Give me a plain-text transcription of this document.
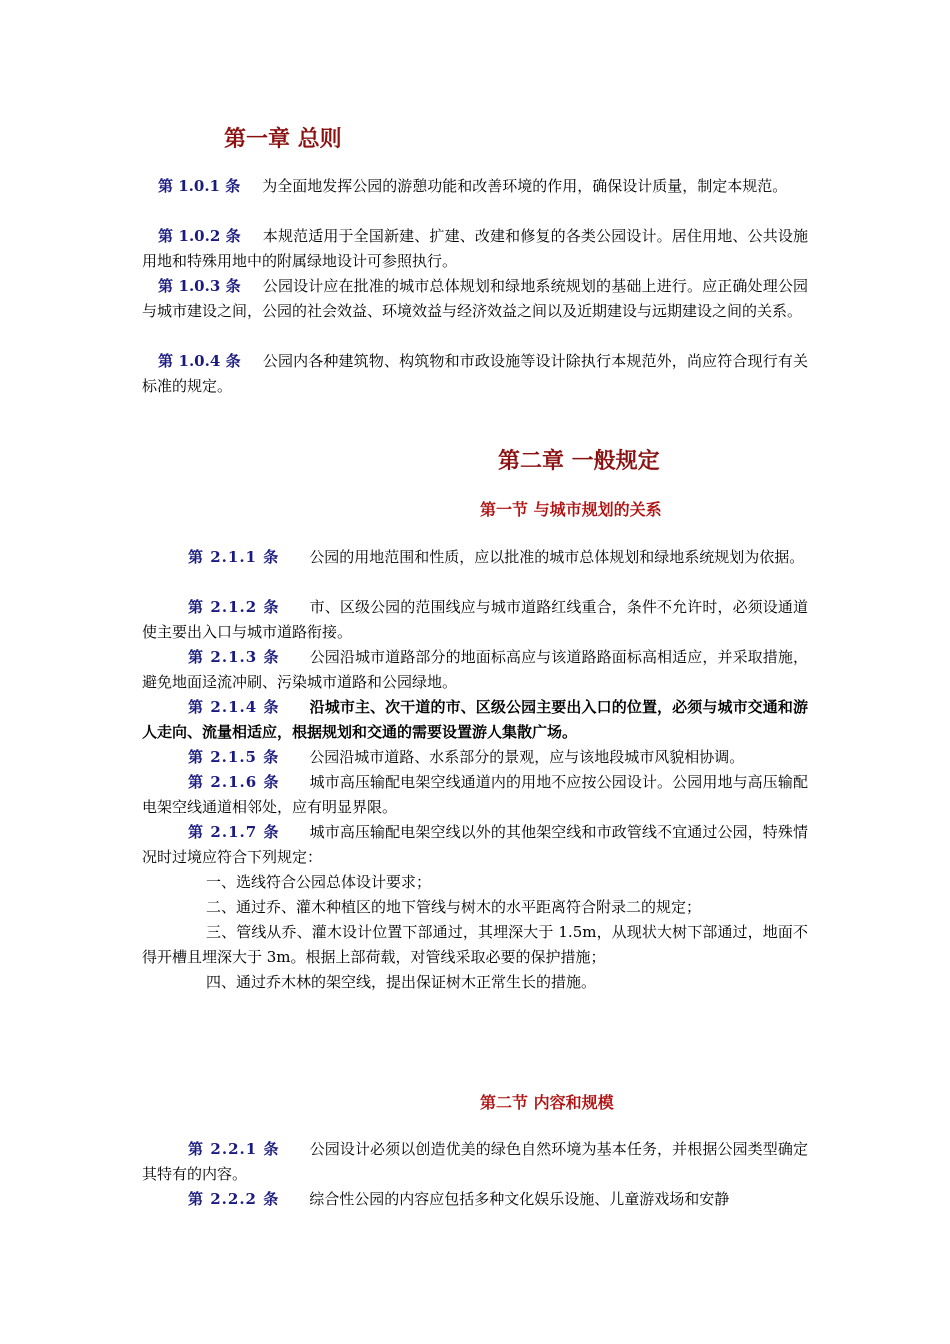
第一章 总则

第 1.0.1 条 为全面地发挥公园的游憩功能和改善环境的作用，确保设计质量，制定本规范。

第 1.0.2 条 本规范适用于全国新建、扩建、改建和修复的各类公园设计。居住用地、公共设施用地和特殊用地中的附属绿地设计可参照执行。

第 1.0.3 条 公园设计应在批准的城市总体规划和绿地系统规划的基础上进行。应正确处理公园与城市建设之间，公园的社会效益、环境效益与经济效益之间以及近期建设与远期建设之间的关系。

第 1.0.4 条 公园内各种建筑物、构筑物和市政设施等设计除执行本规范外，尚应符合现行有关标准的规定。

第二章 一般规定
第一节 与城市规划的关系

第 2.1.1 条 公园的用地范围和性质，应以批准的城市总体规划和绿地系统规划为依据。

第 2.1.2 条 市、区级公园的范围线应与城市道路红线重合，条件不允许时，必须设通道使主要出入口与城市道路衔接。

第 2.1.3 条 公园沿城市道路部分的地面标高应与该道路路面标高相适应，并采取措施，避免地面迳流冲刷、污染城市道路和公园绿地。

第 2.1.4 条 沿城市主、次干道的市、区级公园主要出入口的位置，必须与城市交通和游人走向、流量相适应，根据规划和交通的需要设置游人集散广场。

第 2.1.5 条 公园沿城市道路、水系部分的景观，应与该地段城市风貌相协调。

第 2.1.6 条 城市高压输配电架空线通道内的用地不应按公园设计。公园用地与高压输配电架空线通道相邻处，应有明显界限。

第 2.1.7 条 城市高压输配电架空线以外的其他架空线和市政管线不宜通过公园，特殊情况时过境应符合下列规定：

一、选线符合公园总体设计要求；

二、通过乔、灌木种植区的地下管线与树木的水平距离符合附录二的规定；

三、管线从乔、灌木设计位置下部通过，其埋深大于 1.5m，从现状大树下部通过，地面不得开槽且埋深大于 3m。根据上部荷载，对管线采取必要的保护措施；

四、通过乔木林的架空线，提出保证树木正常生长的措施。

第二节 内容和规模

第 2.2.1 条 公园设计必须以创造优美的绿色自然环境为基本任务，并根据公园类型确定其特有的内容。

第 2.2.2 条 综合性公园的内容应包括多种文化娱乐设施、儿童游戏场和安静
